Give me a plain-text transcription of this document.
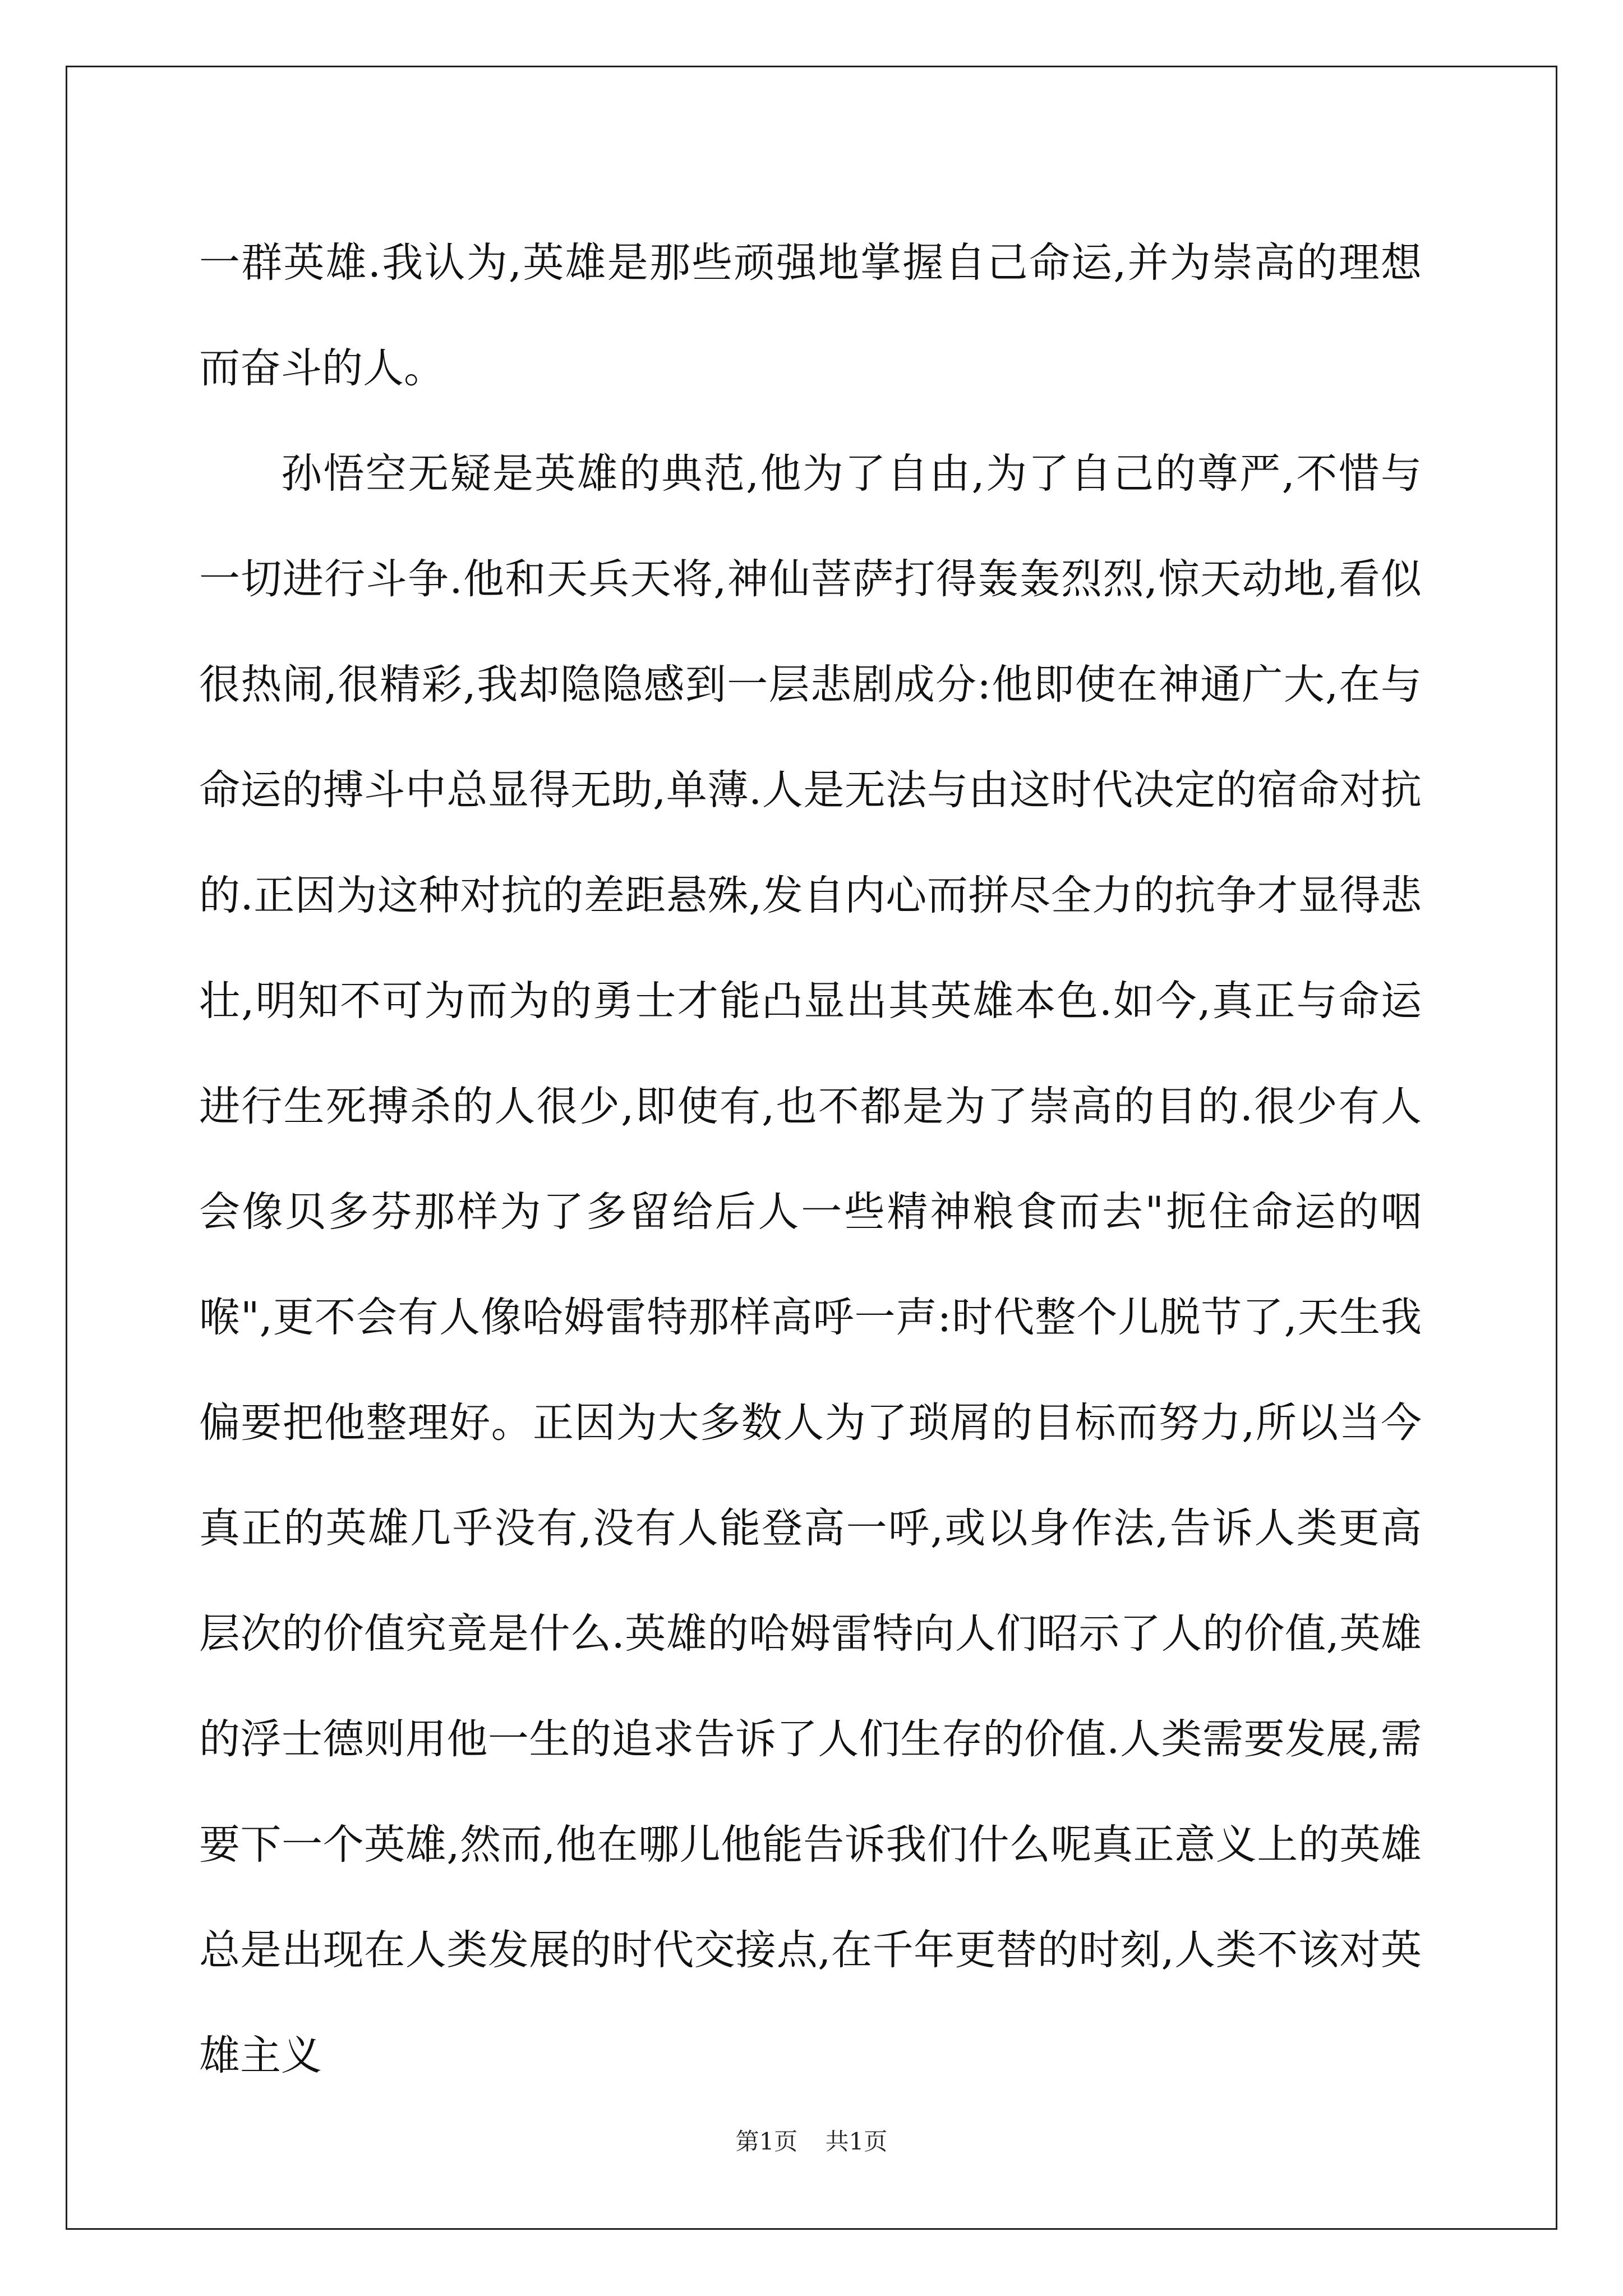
一群英雄.我认为,英雄是那些顽强地掌握自己命运,并为崇高的理想而奋斗的人。

孙悟空无疑是英雄的典范,他为了自由,为了自己的尊严,不惜与一切进行斗争.他和天兵天将,神仙菩萨打得轰轰烈烈,惊天动地,看似很热闹,很精彩,我却隐隐感到一层悲剧成分:他即使在神通广大,在与命运的搏斗中总显得无助,单薄.人是无法与由这时代决定的宿命对抗的.正因为这种对抗的差距悬殊,发自内心而拼尽全力的抗争才显得悲壮,明知不可为而为的勇士才能凸显出其英雄本色.如今,真正与命运进行生死搏杀的人很少,即使有,也不都是为了崇高的目的.很少有人会像贝多芬那样为了多留给后人一些精神粮食而去"扼住命运的咽喉",更不会有人像哈姆雷特那样高呼一声:时代整个儿脱节了,天生我偏要把他整理好。正因为大多数人为了琐屑的目标而努力,所以当今真正的英雄几乎没有,没有人能登高一呼,或以身作法,告诉人类更高层次的价值究竟是什么.英雄的哈姆雷特向人们昭示了人的价值,英雄的浮士德则用他一生的追求告诉了人们生存的价值.人类需要发展,需要下一个英雄,然而,他在哪儿他能告诉我们什么呢真正意义上的英雄总是出现在人类发展的时代交接点,在千年更替的时刻,人类不该对英雄主义

第1页 共1页
